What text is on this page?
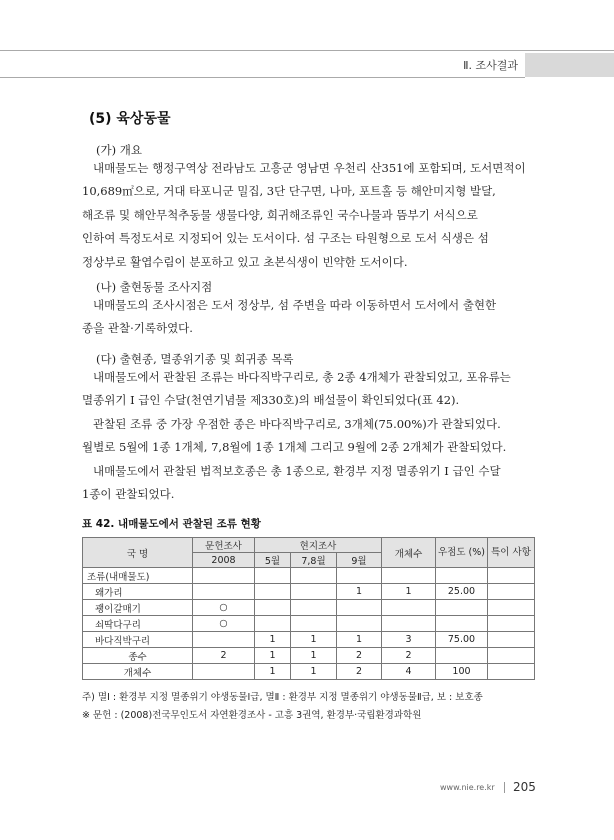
Ⅱ. 조사결과
(5) 육상동물
(가) 개요
내매물도는 행정구역상 전라남도 고흥군 영남면 우천리 산351에 포함되며, 도서면적이
10,689㎡으로, 거대 타포니군 밀집, 3단 단구면, 나마, 포트홀 등 해안미지형 발달,
해조류 및 해안무척추동물 생물다양, 희귀해조류인 국수나물과 뜸부기 서식으로
인하여 특정도서로 지정되어 있는 도서이다. 섬 구조는 타원형으로 도서 식생은 섬
정상부로 활엽수림이 분포하고 있고 초본식생이 빈약한 도서이다.
(나) 출현동물 조사지점
내매물도의 조사시점은 도서 정상부, 섬 주변을 따라 이동하면서 도서에서 출현한
종을 관찰·기록하였다.
(다) 출현종, 멸종위기종 및 희귀종 목록
내매물도에서 관찰된 조류는 바다직박구리로, 총 2종 4개체가 관찰되었고, 포유류는
멸종위기 I 급인 수달(천연기념물 제330호)의 배설물이 확인되었다(표 42).
관찰된 조류 중 가장 우점한 종은 바다직박구리로, 3개체(75.00%)가 관찰되었다.
월별로 5월에 1종 1개체, 7,8월에 1종 1개체 그리고 9월에 2종 2개체가 관찰되었다.
내매물도에서 관찰된 법적보호종은 총 1종으로, 환경부 지정 멸종위기 I 급인 수달
1종이 관찰되었다.
표 42. 내매물도에서 관찰된 조류 현황
국 명	문헌조사	현지조사			개체수	우점도 (%)	특이 사항
	2008	5월	7,8월	9월			
조류(내매물도)							
왜가리				1	1	25.00	
괭이갈매기	○						
쇠딱다구리	○						
바다직박구리		1	1	1	3	75.00	
종수	2	1	1	2	2		
개체수		1	1	2	4	100	
주) 멸Ⅰ : 환경부 지정 멸종위기 야생동물Ⅰ급, 멸Ⅱ : 환경부 지정 멸종위기 야생동물Ⅱ급, 보 : 보호종
※ 문헌 : (2008)전국무인도서 자연환경조사 - 고흥 3권역, 환경부·국립환경과학원
www.nie.re.kr 205
